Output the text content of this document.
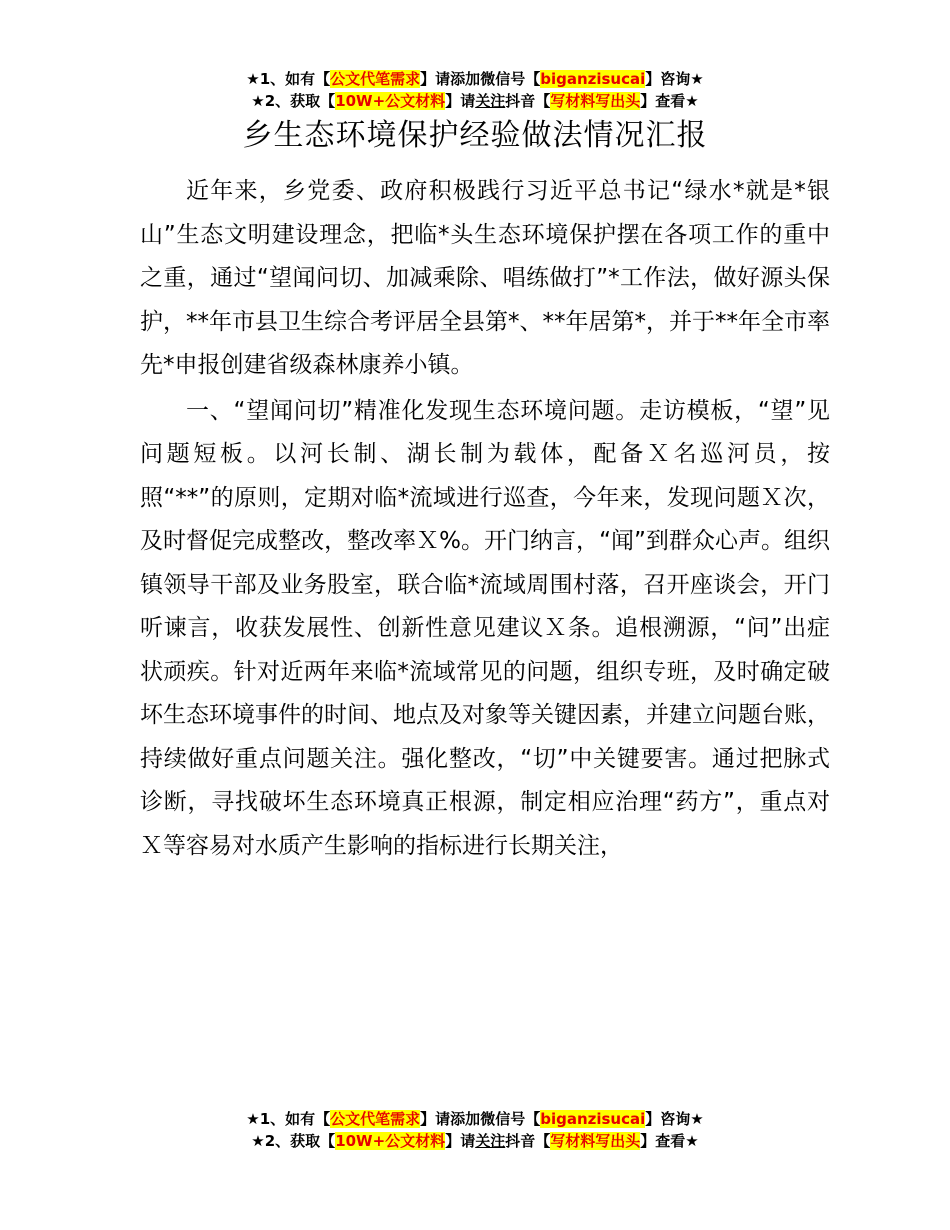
★1、如有【公文代笔需求】请添加微信号【biganzisucai】咨询★
★2、获取【10W+公文材料】请关注抖音【写材料写出头】查看★
乡生态环境保护经验做法情况汇报

近年来，乡党委、政府积极践行习近平总书记“绿水*就是*银山”生态文明建设理念，把临*头生态环境保护摆在各项工作的重中之重，通过“望闻问切、加减乘除、唱练做打”*工作法，做好源头保护，**年市县卫生综合考评居全县第*、**年居第*，并于**年全市率先*申报创建省级森林康养小镇。

一、“望闻问切”精准化发现生态环境问题。走访模板，“望”见问题短板。以河长制、湖长制为载体，配备Ｘ名巡河员，按照“**”的原则，定期对临*流域进行巡查，今年来，发现问题Ｘ次，及时督促完成整改，整改率Ｘ%。开门纳言，“闻”到群众心声。组织镇领导干部及业务股室，联合临*流域周围村落，召开座谈会，开门听谏言，收获发展性、创新性意见建议Ｘ条。追根溯源，“问”出症状顽疾。针对近两年来临*流域常见的问题，组织专班，及时确定破坏生态环境事件的时间、地点及对象等关键因素，并建立问题台账，持续做好重点问题关注。强化整改，“切”中关键要害。通过把脉式诊断，寻找破坏生态环境真正根源，制定相应治理“药方”，重点对Ｘ等容易对水质产生影响的指标进行长期关注，

★1、如有【公文代笔需求】请添加微信号【biganzisucai】咨询★
★2、获取【10W+公文材料】请关注抖音【写材料写出头】查看★
